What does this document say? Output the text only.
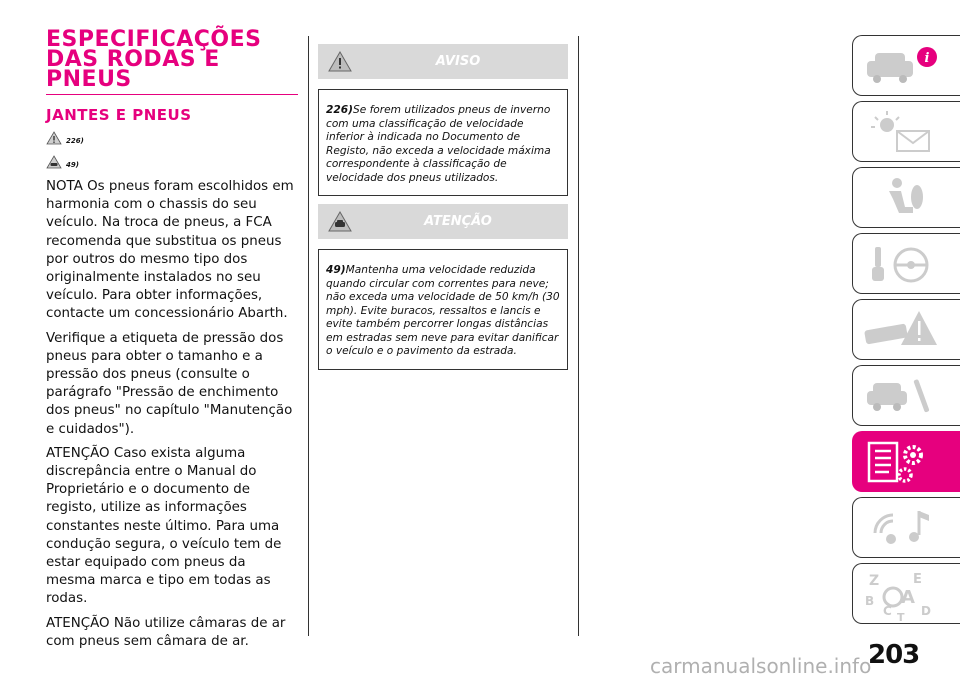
ESPECIFICAÇÕES DAS RODAS E PNEUS
JANTES E PNEUS
226)
49)

NOTA Os pneus foram escolhidos em harmonia com o chassis do seu veículo. Na troca de pneus, a FCA recomenda que substitua os pneus por outros do mesmo tipo dos originalmente instalados no seu veículo. Para obter informações, contacte um concessionário Abarth.

Verifique a etiqueta de pressão dos pneus para obter o tamanho e a pressão dos pneus (consulte o parágrafo "Pressão de enchimento dos pneus" no capítulo "Manutenção e cuidados").

ATENÇÃO Caso exista alguma discrepância entre o Manual do Proprietário e o documento de registo, utilize as informações constantes neste último. Para uma condução segura, o veículo tem de estar equipado com pneus da mesma marca e tipo em todas as rodas.

ATENÇÃO Não utilize câmaras de ar com pneus sem câmara de ar.

AVISO
226)Se forem utilizados pneus de inverno com uma classificação de velocidade inferior à indicada no Documento de Registo, não exceda a velocidade máxima correspondente à classificação de velocidade dos pneus utilizados.
ATENÇÃO
49)Mantenha uma velocidade reduzida quando circular com correntes para neve; não exceda uma velocidade de 50 km/h (30 mph). Evite buracos, ressaltos e lancis e evite também percorrer longas distâncias em estradas sem neve para evitar danificar o veículo e o pavimento da estrada.
i
Z	E
B A
C D
T
203
carmanualsonline.info
